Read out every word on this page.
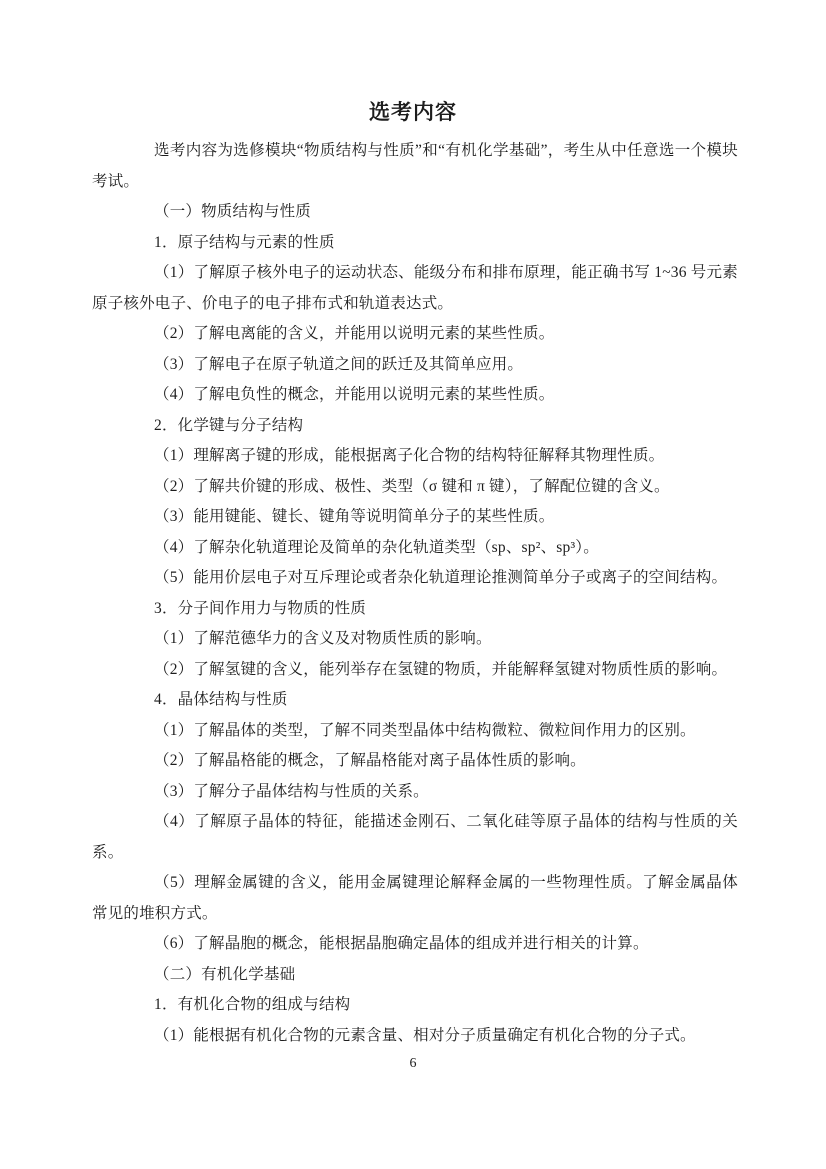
选考内容

选考内容为选修模块“物质结构与性质”和“有机化学基础”，考生从中任意选一个模块考试。

（一）物质结构与性质

1．原子结构与元素的性质

（1）了解原子核外电子的运动状态、能级分布和排布原理，能正确书写 1~36 号元素原子核外电子、价电子的电子排布式和轨道表达式。

（2）了解电离能的含义，并能用以说明元素的某些性质。

（3）了解电子在原子轨道之间的跃迁及其简单应用。

（4）了解电负性的概念，并能用以说明元素的某些性质。

2．化学键与分子结构

（1）理解离子键的形成，能根据离子化合物的结构特征解释其物理性质。

（2）了解共价键的形成、极性、类型（σ 键和 π 键），了解配位键的含义。

（3）能用键能、键长、键角等说明简单分子的某些性质。

（4）了解杂化轨道理论及简单的杂化轨道类型（sp、sp²、sp³）。

（5）能用价层电子对互斥理论或者杂化轨道理论推测简单分子或离子的空间结构。

3．分子间作用力与物质的性质

（1）了解范德华力的含义及对物质性质的影响。

（2）了解氢键的含义，能列举存在氢键的物质，并能解释氢键对物质性质的影响。

4．晶体结构与性质

（1）了解晶体的类型，了解不同类型晶体中结构微粒、微粒间作用力的区别。

（2）了解晶格能的概念，了解晶格能对离子晶体性质的影响。

（3）了解分子晶体结构与性质的关系。

（4）了解原子晶体的特征，能描述金刚石、二氧化硅等原子晶体的结构与性质的关系。

（5）理解金属键的含义，能用金属键理论解释金属的一些物理性质。了解金属晶体常见的堆积方式。

（6）了解晶胞的概念，能根据晶胞确定晶体的组成并进行相关的计算。

（二）有机化学基础

1．有机化合物的组成与结构

（1）能根据有机化合物的元素含量、相对分子质量确定有机化合物的分子式。

6
